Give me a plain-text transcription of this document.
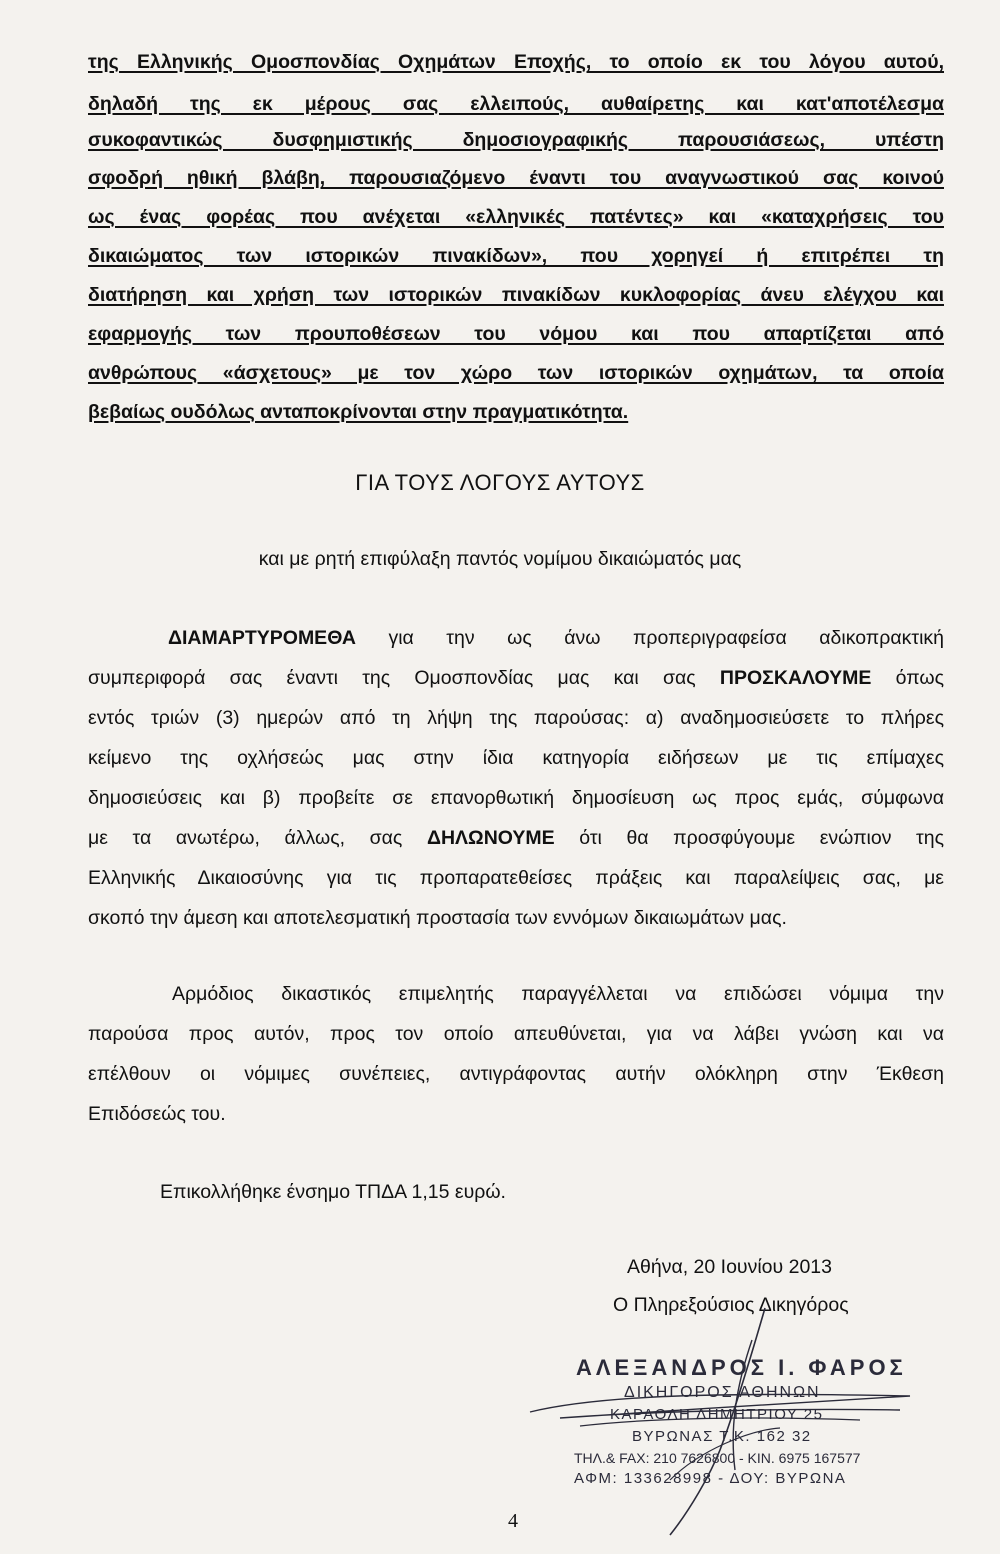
της Ελληνικής Ομοσπονδίας Οχημάτων Εποχής, το οποίο εκ του λόγου αυτού,
δηλαδή της εκ μέρους σας ελλειπούς, αυθαίρετης και κατ'αποτέλεσμα
συκοφαντικώς δυσφημιστικής δημοσιογραφικής παρουσιάσεως, υπέστη
σφοδρή ηθική βλάβη, παρουσιαζόμενο έναντι του αναγνωστικού σας κοινού
ως ένας φορέας που ανέχεται «ελληνικές πατέντες» και «καταχρήσεις του
δικαιώματος των ιστορικών πινακίδων», που χορηγεί ή επιτρέπει τη
διατήρηση και χρήση των ιστορικών πινακίδων κυκλοφορίας άνευ ελέγχου και
εφαρμογής των προυποθέσεων του νόμου και που απαρτίζεται από
ανθρώπους «άσχετους» με τον χώρο των ιστορικών οχημάτων, τα οποία
βεβαίως ουδόλως ανταποκρίνονται στην πραγματικότητα.
ΓΙΑ ΤΟΥΣ ΛΟΓΟΥΣ ΑΥΤΟΥΣ
και με ρητή επιφύλαξη παντός νομίμου δικαιώματός μας
ΔΙΑΜΑΡΤΥΡΟΜΕΘΑ για την ως άνω προπεριγραφείσα αδικοπρακτική
συμπεριφορά σας έναντι της Ομοσπονδίας μας και σας ΠΡΟΣΚΑΛΟΥΜΕ όπως
εντός τριών (3) ημερών από τη λήψη της παρούσας: α) αναδημοσιεύσετε το πλήρες
κείμενο της οχλήσεώς μας στην ίδια κατηγορία ειδήσεων με τις επίμαχες
δημοσιεύσεις και β) προβείτε σε επανορθωτική δημοσίευση ως προς εμάς, σύμφωνα
με τα ανωτέρω, άλλως, σας ΔΗΛΩΝΟΥΜΕ ότι θα προσφύγουμε ενώπιον της
Ελληνικής Δικαιοσύνης για τις προπαρατεθείσες πράξεις και παραλείψεις σας, με
σκοπό την άμεση και αποτελεσματική προστασία των εννόμων δικαιωμάτων μας.
Αρμόδιος δικαστικός επιμελητής παραγγέλλεται να επιδώσει νόμιμα την
παρούσα προς αυτόν, προς τον οποίο απευθύνεται, για να λάβει γνώση και να
επέλθουν οι νόμιμες συνέπειες, αντιγράφοντας αυτήν ολόκληρη στην Έκθεση
Επιδόσεώς του.
Επικολλήθηκε ένσημο ΤΠΔΑ 1,15 ευρώ.
Αθήνα, 20 Ιουνίου 2013
Ο Πληρεξούσιος Δικηγόρος
ΑΛΕΞΑΝΔΡΟΣ Ι. ΦΑΡΟΣ
ΔΙΚΗΓΟΡΟΣ ΑΘΗΝΩΝ
ΚΑΡΑΟΛΗ ΔΗΜΗΤΡΙΟΥ 25
ΒΥΡΩΝΑΣ Τ.Κ. 162 32
ΤΗΛ.& FAX: 210 7626800 - ΚΙΝ. 6975 167577
ΑΦΜ: 133628998 - ΔΟΥ: ΒΥΡΩΝΑ
4
